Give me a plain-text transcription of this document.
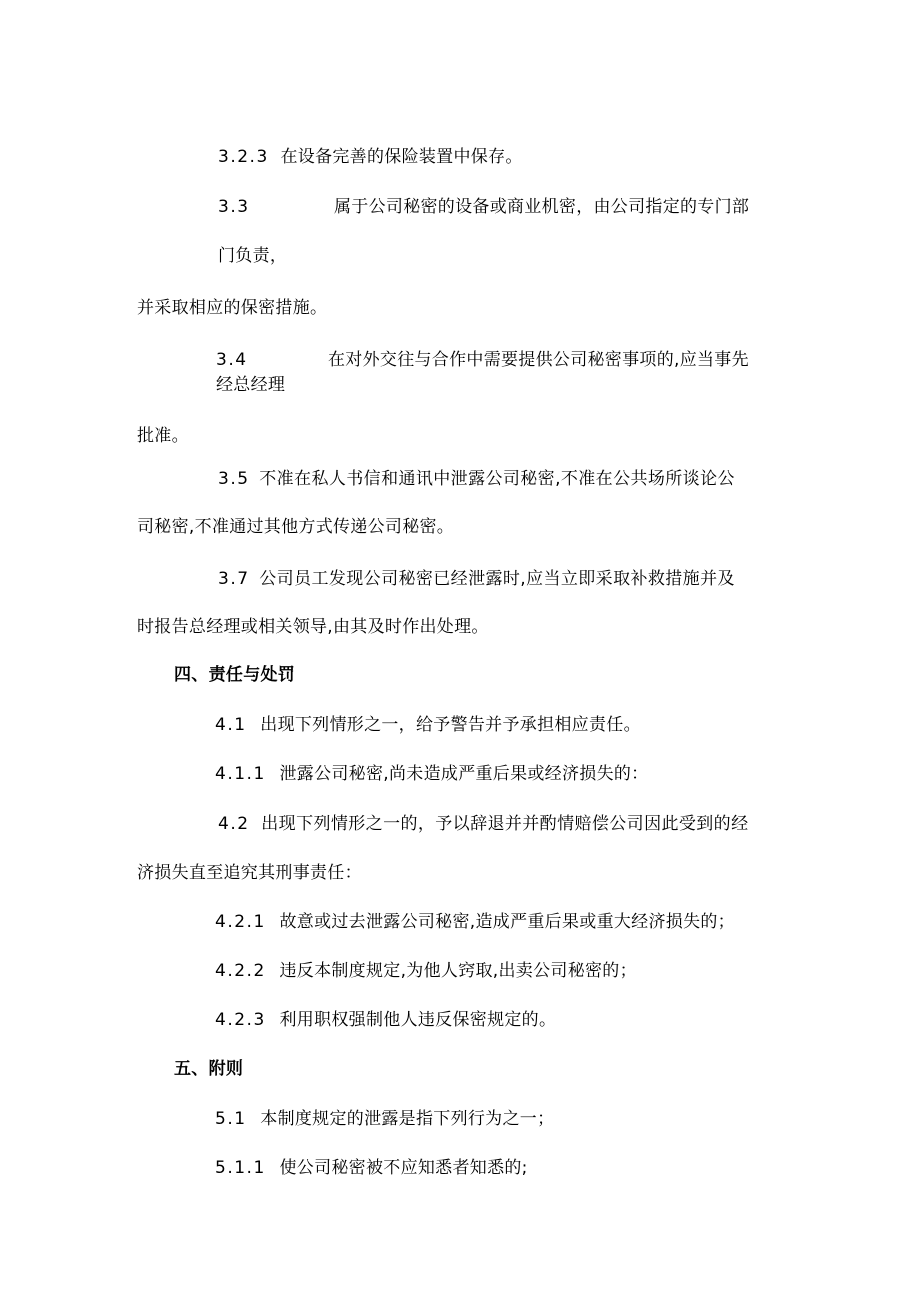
3.2.3 在设备完善的保险装置中保存。
3.3	属于公司秘密的设备或商业机密，由公司指定的专门部
门负责，
并采取相应的保密措施。
3.4	在对外交往与合作中需要提供公司秘密事项的,应当事先
经总经理
批准。
3.5 不准在私人书信和通讯中泄露公司秘密,不准在公共场所谈论公
司秘密,不准通过其他方式传递公司秘密。
3.7 公司员工发现公司秘密已经泄露时,应当立即采取补救措施并及
时报告总经理或相关领导,由其及时作出处理。
四、责任与处罚
4.1 出现下列情形之一，给予警告并予承担相应责任。
4.1.1 泄露公司秘密,尚未造成严重后果或经济损失的：
4.2 出现下列情形之一的，予以辞退并并酌情赔偿公司因此受到的经
济损失直至追究其刑事责任：
4.2.1 故意或过去泄露公司秘密,造成严重后果或重大经济损失的；
4.2.2 违反本制度规定,为他人窍取,出卖公司秘密的；
4.2.3 利用职权强制他人违反保密规定的。
五、附则
5.1 本制度规定的泄露是指下列行为之一；
5.1.1 使公司秘密被不应知悉者知悉的;
